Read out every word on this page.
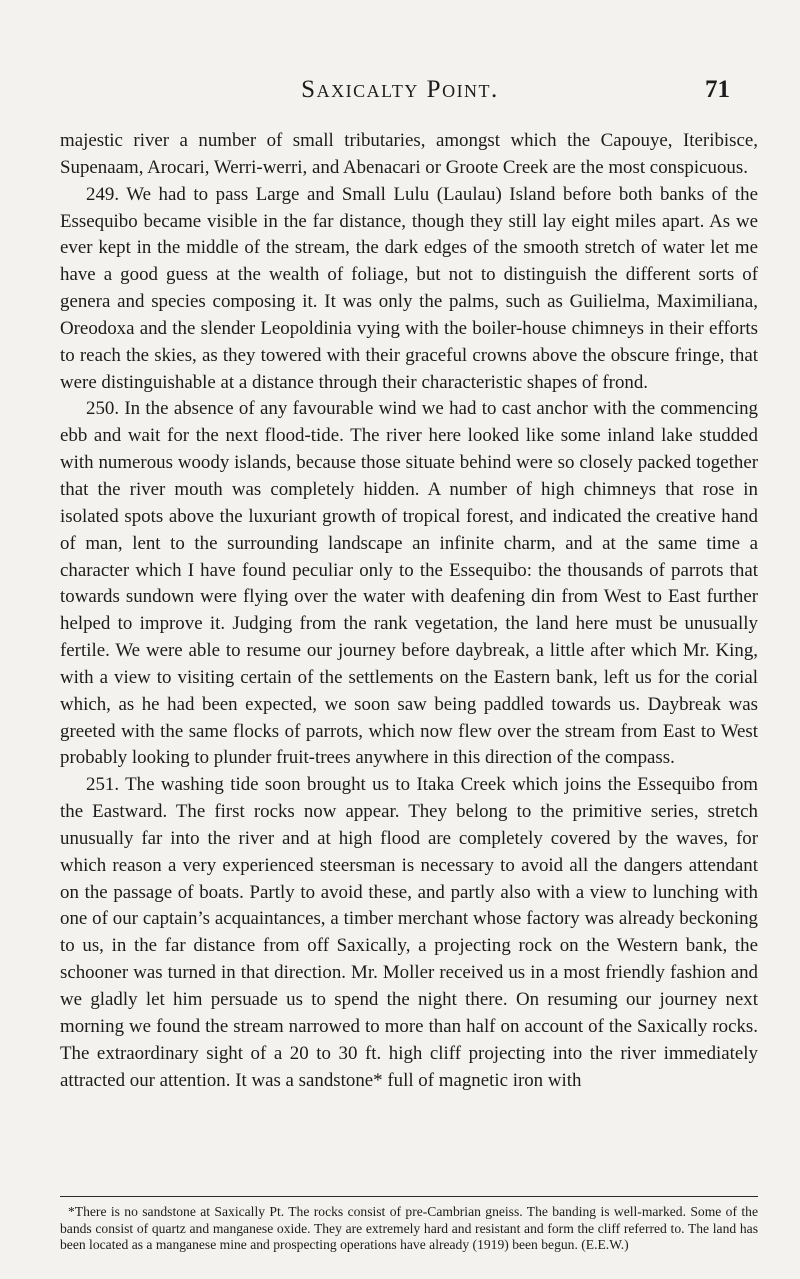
Saxicalty Point.	71

majestic river a number of small tributaries, amongst which the Capouye, Iteribisce, Supenaam, Arocari, Werri-werri, and Abenacari or Groote Creek are the most conspicuous.

249. We had to pass Large and Small Lulu (Laulau) Island before both banks of the Essequibo became visible in the far distance, though they still lay eight miles apart. As we ever kept in the middle of the stream, the dark edges of the smooth stretch of water let me have a good guess at the wealth of foliage, but not to distinguish the different sorts of genera and species composing it. It was only the palms, such as Guilielma, Maximiliana, Oreodoxa and the slender Leopoldinia vying with the boiler-house chimneys in their efforts to reach the skies, as they towered with their graceful crowns above the obscure fringe, that were distinguishable at a distance through their characteristic shapes of frond.

250. In the absence of any favourable wind we had to cast anchor with the commencing ebb and wait for the next flood-tide. The river here looked like some inland lake studded with numerous woody islands, because those situate behind were so closely packed together that the river mouth was completely hidden. A number of high chimneys that rose in isolated spots above the luxuriant growth of tropical forest, and indicated the creative hand of man, lent to the surrounding landscape an infinite charm, and at the same time a character which I have found peculiar only to the Essequibo: the thousands of parrots that towards sundown were flying over the water with deafening din from West to East further helped to improve it. Judging from the rank vegetation, the land here must be unusually fertile. We were able to resume our journey before daybreak, a little after which Mr. King, with a view to visiting certain of the settlements on the Eastern bank, left us for the corial which, as he had been expected, we soon saw being paddled towards us. Daybreak was greeted with the same flocks of parrots, which now flew over the stream from East to West probably looking to plunder fruit-trees anywhere in this direction of the compass.

251. The washing tide soon brought us to Itaka Creek which joins the Essequibo from the Eastward. The first rocks now appear. They belong to the primitive series, stretch unusually far into the river and at high flood are completely covered by the waves, for which reason a very experienced steersman is necessary to avoid all the dangers attendant on the passage of boats. Partly to avoid these, and partly also with a view to lunching with one of our captain’s acquaintances, a timber merchant whose factory was already beckoning to us, in the far distance from off Saxically, a projecting rock on the Western bank, the schooner was turned in that direction. Mr. Moller received us in a most friendly fashion and we gladly let him persuade us to spend the night there. On resuming our journey next morning we found the stream narrowed to more than half on account of the Saxically rocks. The extraordinary sight of a 20 to 30 ft. high cliff projecting into the river immediately attracted our attention. It was a sandstone* full of magnetic iron with

*There is no sandstone at Saxically Pt. The rocks consist of pre-Cambrian gneiss. The banding is well-marked. Some of the bands consist of quartz and manganese oxide. They are extremely hard and resistant and form the cliff referred to. The land has been located as a manganese mine and prospecting operations have already (1919) been begun. (E.E.W.)
